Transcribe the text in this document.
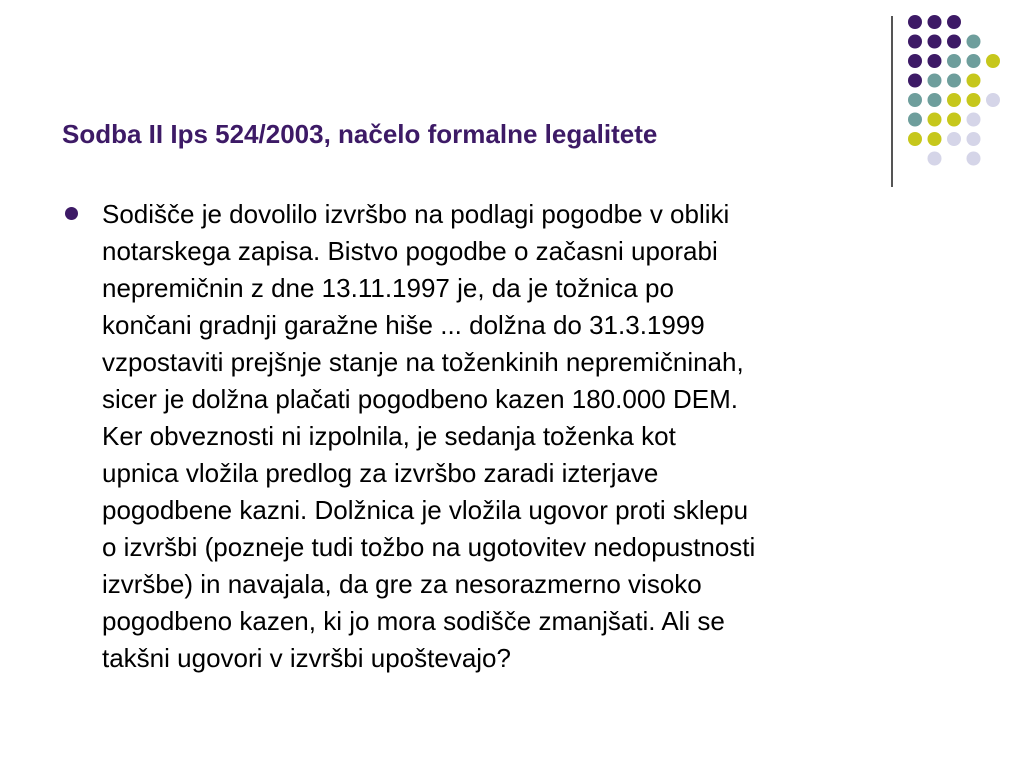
Sodba II Ips 524/2003, načelo formalne legalitete
Sodišče je dovolilo izvršbo na podlagi pogodbe v obliki
notarskega zapisa. Bistvo pogodbe o začasni uporabi
nepremičnin z dne 13.11.1997 je, da je tožnica po
končani gradnji garažne hiše ... dolžna do 31.3.1999
vzpostaviti prejšnje stanje na toženkinih nepremičninah,
sicer je dolžna plačati pogodbeno kazen 180.000 DEM.
Ker obveznosti ni izpolnila, je sedanja toženka kot
upnica vložila predlog za izvršbo zaradi izterjave
pogodbene kazni. Dolžnica je vložila ugovor proti sklepu
o izvršbi (pozneje tudi tožbo na ugotovitev nedopustnosti
izvršbe) in navajala, da gre za nesorazmerno visoko
pogodbeno kazen, ki jo mora sodišče zmanjšati. Ali se
takšni ugovori v izvršbi upoštevajo?
